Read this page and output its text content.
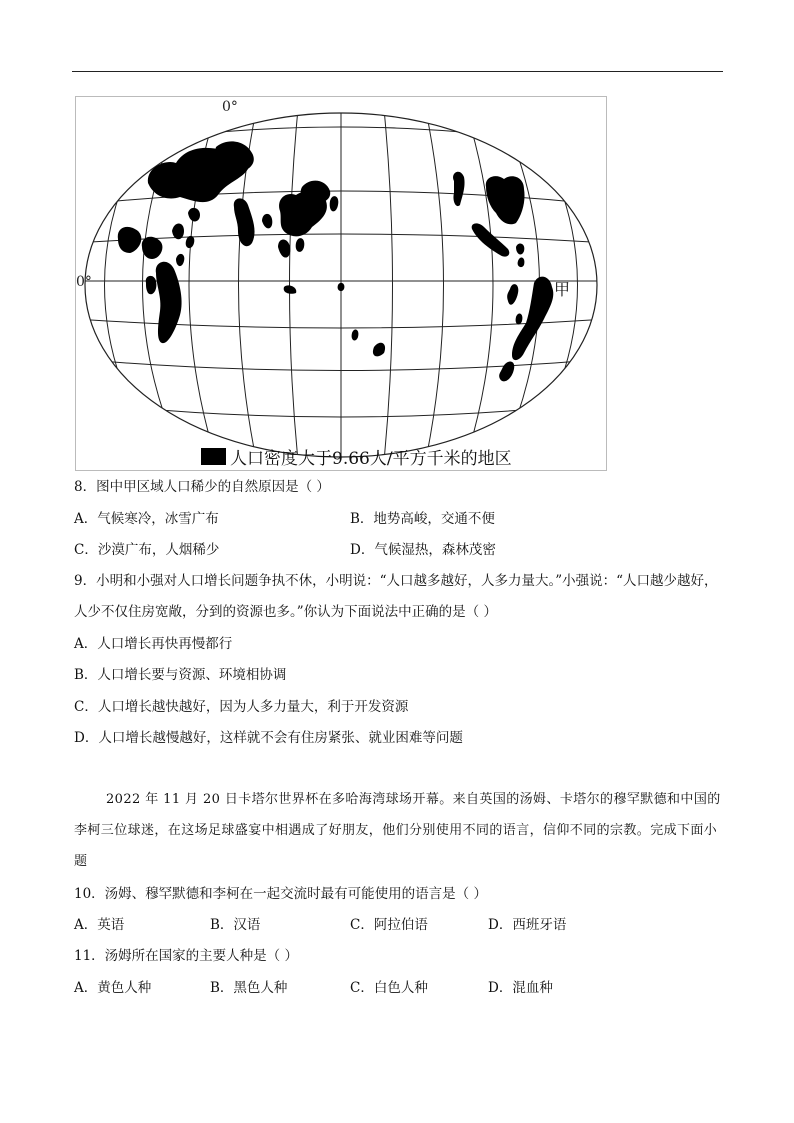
0°
0°	甲
人口密度大于9.66人/平方千米的地区
8．图中甲区域人口稀少的自然原因是（ ）
A．气候寒冷，冰雪广布	B．地势高峻，交通不便
C．沙漠广布，人烟稀少	D．气候湿热，森林茂密
9．小明和小强对人口增长问题争执不休，小明说：“人口越多越好，人多力量大。”小强说：“人口越少越好，
人少不仅住房宽敞，分到的资源也多。”你认为下面说法中正确的是（ ）
A．人口增长再快再慢都行
B．人口增长要与资源、环境相协调
C．人口增长越快越好，因为人多力量大，利于开发资源
D．人口增长越慢越好，这样就不会有住房紧张、就业困难等问题
2022 年 11 月 20 日卡塔尔世界杯在多哈海湾球场开幕。来自英国的汤姆、卡塔尔的穆罕默德和中国的李柯三位球迷，在这场足球盛宴中相遇成了好朋友，他们分别使用不同的语言，信仰不同的宗教。完成下面小题
10．汤姆、穆罕默德和李柯在一起交流时最有可能使用的语言是（ ）
A．英语	B．汉语	C．阿拉伯语	D．西班牙语
11．汤姆所在国家的主要人种是（ ）
A．黄色人种	B．黑色人种	C．白色人种	D．混血种
